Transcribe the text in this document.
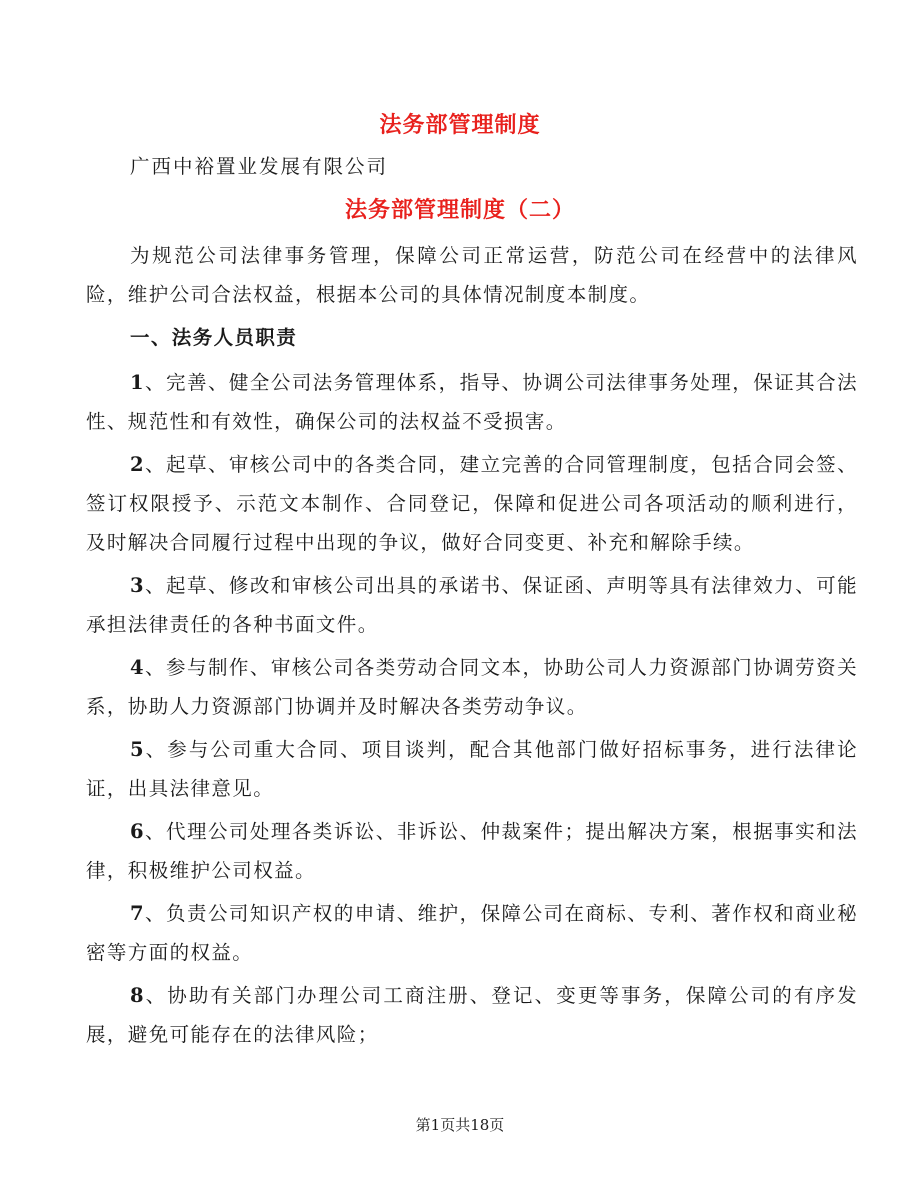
法务部管理制度
广西中裕置业发展有限公司
法务部管理制度（二）

为规范公司法律事务管理，保障公司正常运营，防范公司在经营中的法律风险，维护公司合法权益，根据本公司的具体情况制度本制度。

一、法务人员职责

1、完善、健全公司法务管理体系，指导、协调公司法律事务处理，保证其合法性、规范性和有效性，确保公司的法权益不受损害。

2、起草、审核公司中的各类合同，建立完善的合同管理制度，包括合同会签、签订权限授予、示范文本制作、合同登记，保障和促进公司各项活动的顺利进行，及时解决合同履行过程中出现的争议，做好合同变更、补充和解除手续。

3、起草、修改和审核公司出具的承诺书、保证函、声明等具有法律效力、可能承担法律责任的各种书面文件。

4、参与制作、审核公司各类劳动合同文本，协助公司人力资源部门协调劳资关系，协助人力资源部门协调并及时解决各类劳动争议。

5、参与公司重大合同、项目谈判，配合其他部门做好招标事务，进行法律论证，出具法律意见。

6、代理公司处理各类诉讼、非诉讼、仲裁案件；提出解决方案，根据事实和法律，积极维护公司权益。

7、负责公司知识产权的申请、维护，保障公司在商标、专利、著作权和商业秘密等方面的权益。

8、协助有关部门办理公司工商注册、登记、变更等事务，保障公司的有序发展，避免可能存在的法律风险；

第1页共18页
